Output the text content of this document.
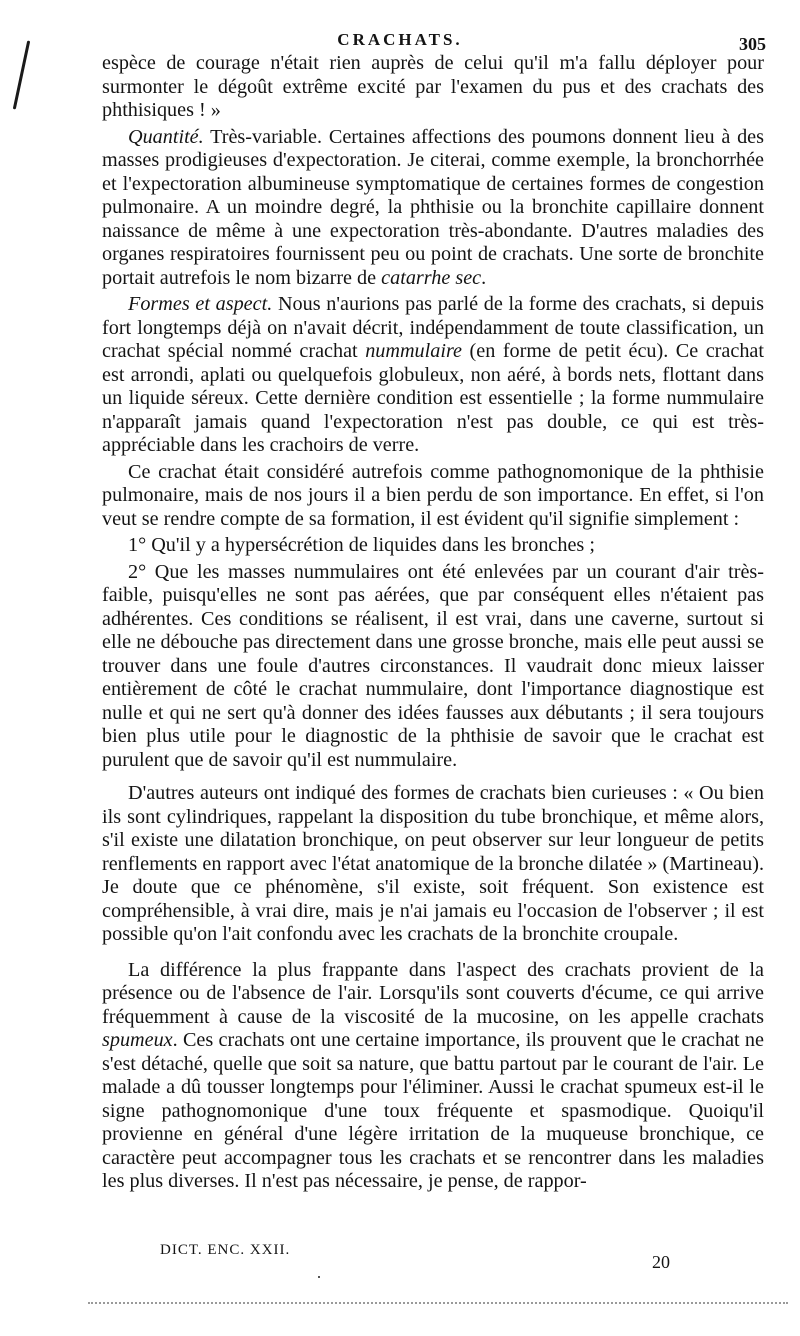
CRACHATS.	305

espèce de courage n'était rien auprès de celui qu'il m'a fallu déployer pour surmonter le dégoût extrême excité par l'examen du pus et des crachats des phthisiques ! »

Quantité. Très-variable. Certaines affections des poumons donnent lieu à des masses prodigieuses d'expectoration. Je citerai, comme exemple, la bronchorrhée et l'expectoration albumineuse symptomatique de certaines formes de congestion pulmonaire. A un moindre degré, la phthisie ou la bronchite capillaire donnent naissance de même à une expectoration très-abondante. D'autres maladies des organes respiratoires fournissent peu ou point de crachats. Une sorte de bronchite portait autrefois le nom bizarre de catarrhe sec.

Formes et aspect. Nous n'aurions pas parlé de la forme des crachats, si depuis fort longtemps déjà on n'avait décrit, indépendamment de toute classification, un crachat spécial nommé crachat nummulaire (en forme de petit écu). Ce crachat est arrondi, aplati ou quelquefois globuleux, non aéré, à bords nets, flottant dans un liquide séreux. Cette dernière condition est essentielle ; la forme nummulaire n'apparaît jamais quand l'expectoration n'est pas double, ce qui est très-appréciable dans les crachoirs de verre.

Ce crachat était considéré autrefois comme pathognomonique de la phthisie pulmonaire, mais de nos jours il a bien perdu de son importance. En effet, si l'on veut se rendre compte de sa formation, il est évident qu'il signifie simplement :

1° Qu'il y a hypersécrétion de liquides dans les bronches ;

2° Que les masses nummulaires ont été enlevées par un courant d'air très-faible, puisqu'elles ne sont pas aérées, que par conséquent elles n'étaient pas adhérentes. Ces conditions se réalisent, il est vrai, dans une caverne, surtout si elle ne débouche pas directement dans une grosse bronche, mais elle peut aussi se trouver dans une foule d'autres circonstances. Il vaudrait donc mieux laisser entièrement de côté le crachat nummulaire, dont l'importance diagnostique est nulle et qui ne sert qu'à donner des idées fausses aux débutants ; il sera toujours bien plus utile pour le diagnostic de la phthisie de savoir que le crachat est purulent que de savoir qu'il est nummulaire.

D'autres auteurs ont indiqué des formes de crachats bien curieuses : « Ou bien ils sont cylindriques, rappelant la disposition du tube bronchique, et même alors, s'il existe une dilatation bronchique, on peut observer sur leur longueur de petits renflements en rapport avec l'état anatomique de la bronche dilatée » (Martineau). Je doute que ce phénomène, s'il existe, soit fréquent. Son existence est compréhensible, à vrai dire, mais je n'ai jamais eu l'occasion de l'observer ; il est possible qu'on l'ait confondu avec les crachats de la bronchite croupale.

La différence la plus frappante dans l'aspect des crachats provient de la présence ou de l'absence de l'air. Lorsqu'ils sont couverts d'écume, ce qui arrive fréquemment à cause de la viscosité de la mucosine, on les appelle crachats spumeux. Ces crachats ont une certaine importance, ils prouvent que le crachat ne s'est détaché, quelle que soit sa nature, que battu partout par le courant de l'air. Le malade a dû tousser longtemps pour l'éliminer. Aussi le crachat spumeux est-il le signe pathognomonique d'une toux fréquente et spasmodique. Quoiqu'il provienne en général d'une légère irritation de la muqueuse bronchique, ce caractère peut accompagner tous les crachats et se rencontrer dans les maladies les plus diverses. Il n'est pas nécessaire, je pense, de rappor-

DICT. ENC. XXII.
20
